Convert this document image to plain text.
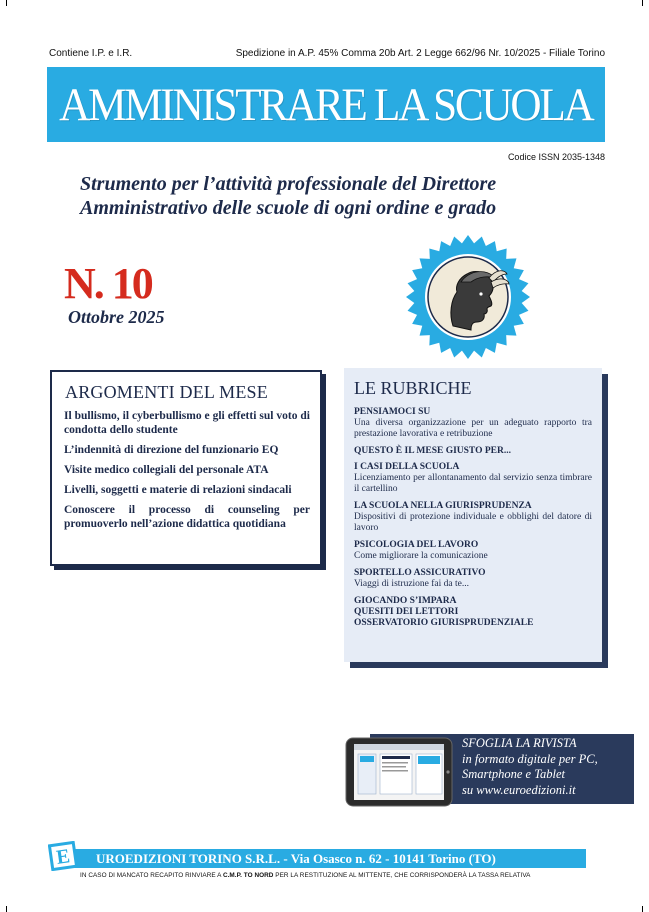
Contiene I.P. e I.R.	Spedizione in A.P. 45% Comma 20b Art. 2 Legge 662/96 Nr. 10/2025 - Filiale Torino
AMMINISTRARE LA SCUOLA
Codice ISSN 2035-1348
Strumento per l’attività professionale del Direttore
Amministrativo delle scuole di ogni ordine e grado
N. 10
Ottobre 2025
ARGOMENTI DEL MESE
Il bullismo, il cyberbullismo e gli effetti sul voto di condotta dello studente
L’indennità di direzione del funzionario EQ
Visite medico collegiali del personale ATA
Livelli, soggetti e materie di relazioni sindacali
Conoscere il processo di counseling per promuoverlo nell’azione didattica quotidiana
LE RUBRICHE
PENSIAMOCI SU
Una diversa organizzazione per un adeguato rapporto tra prestazione lavorativa e retribuzione
QUESTO È IL MESE GIUSTO PER...
I CASI DELLA SCUOLA
Licenziamento per allontanamento dal servizio senza timbrare il cartellino
LA SCUOLA NELLA GIURISPRUDENZA
Dispositivi di protezione individuale e obblighi del datore di lavoro
PSICOLOGIA DEL LAVORO
Come migliorare la comunicazione
SPORTELLO ASSICURATIVO
Viaggi di istruzione fai da te...
GIOCANDO S’IMPARA
QUESITI DEI LETTORI
OSSERVATORIO GIURISPRUDENZIALE
SFOGLIA LA RIVISTA
in formato digitale per PC,
Smartphone e Tablet
su www.euroedizioni.it
UROEDIZIONI TORINO S.R.L. - Via Osasco n. 62 - 10141 Torino (TO)
E
IN CASO DI MANCATO RECAPITO RINVIARE A C.M.P. TO NORD PER LA RESTITUZIONE AL MITTENTE, CHE CORRISPONDERÀ LA TASSA RELATIVA
